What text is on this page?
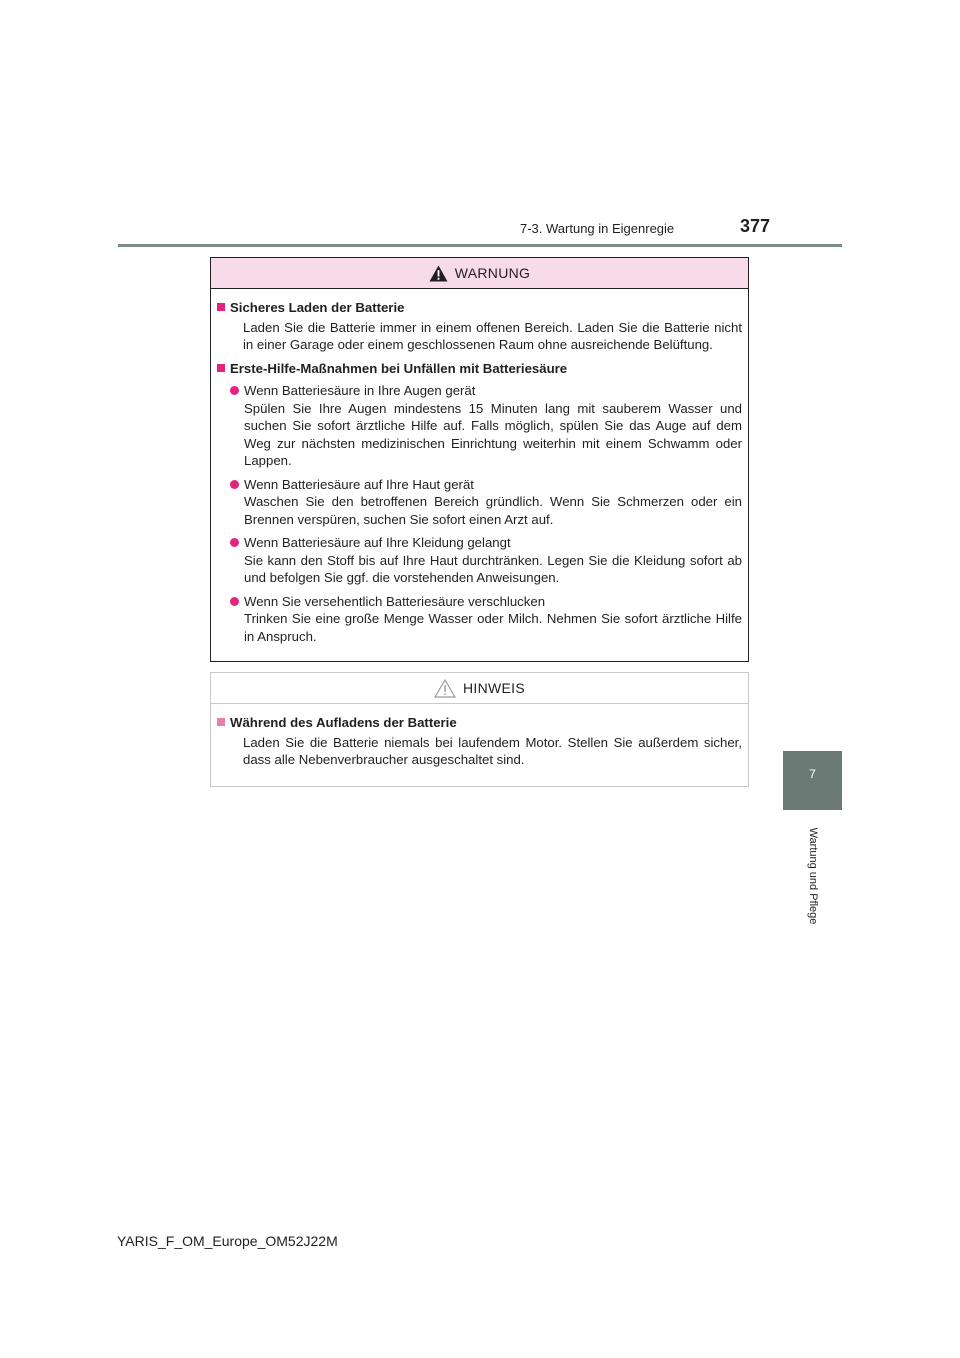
7-3. Wartung in Eigenregie	377
7
Wartung und Pflege
WARNUNG
Sicheres Laden der Batterie
Laden Sie die Batterie immer in einem offenen Bereich. Laden Sie die Batterie nicht in einer Garage oder einem geschlossenen Raum ohne ausreichende Belüftung.
Erste-Hilfe-Maßnahmen bei Unfällen mit Batteriesäure
Wenn Batteriesäure in Ihre Augen gerät
Spülen Sie Ihre Augen mindestens 15 Minuten lang mit sauberem Wasser und suchen Sie sofort ärztliche Hilfe auf. Falls möglich, spülen Sie das Auge auf dem Weg zur nächsten medizinischen Einrichtung weiterhin mit einem Schwamm oder Lappen.
Wenn Batteriesäure auf Ihre Haut gerät
Waschen Sie den betroffenen Bereich gründlich. Wenn Sie Schmerzen oder ein Brennen verspüren, suchen Sie sofort einen Arzt auf.
Wenn Batteriesäure auf Ihre Kleidung gelangt
Sie kann den Stoff bis auf Ihre Haut durchtränken. Legen Sie die Kleidung sofort ab und befolgen Sie ggf. die vorstehenden Anweisungen.
Wenn Sie versehentlich Batteriesäure verschlucken
Trinken Sie eine große Menge Wasser oder Milch. Nehmen Sie sofort ärztliche Hilfe in Anspruch.
HINWEIS
Während des Aufladens der Batterie
Laden Sie die Batterie niemals bei laufendem Motor. Stellen Sie außerdem sicher, dass alle Nebenverbraucher ausgeschaltet sind.
YARIS_F_OM_Europe_OM52J22M
